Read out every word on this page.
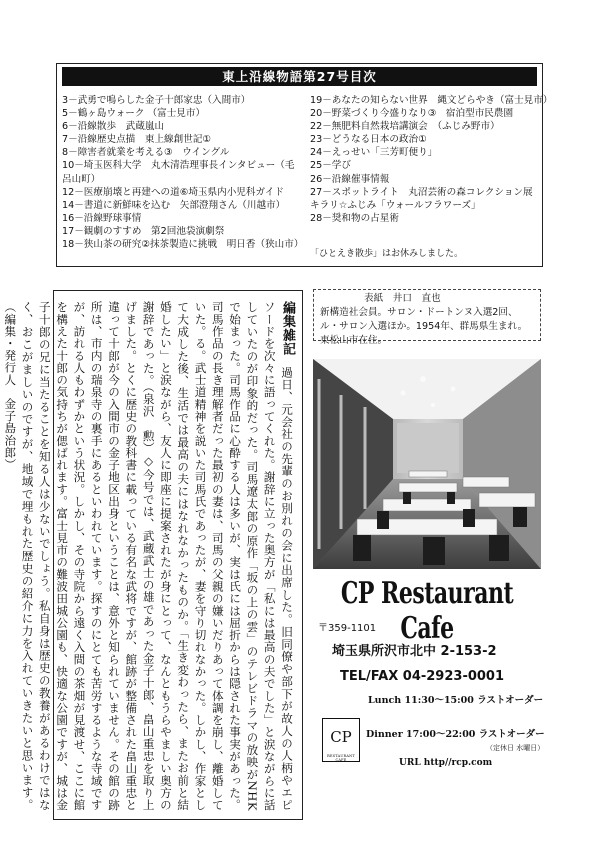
東上沿線物語第27号目次
3－武勇で鳴らした金子十郎家忠（入間市）
5－鶴ヶ島ウォーク （富士見市）
6－沿線散歩　武蔵嵐山
7－沿線歴史点描　東上線創世記①
8－障害者就業を考える③　ウイングル
10－埼玉医科大学　丸木清浩理事長インタビュー（毛呂山町）
12－医療崩壊と再建への道⑥埼玉県内小児科ガイド
14－書道に新鮮味を込む　矢部澄翔さん（川越市）
16－沿線野球事情
17－観劇のすすめ　第2回池袋演劇祭
18－狭山茶の研究②抹茶製造に挑戦　明日香（狭山市）
19－あなたの知らない世界　縄文どらやき（富士見市）
20－野菜づくり今盛りなり③　宿泊型市民農園
22－無肥料自然栽培講演会　（ふじみ野市）
23－どうなる日本の政治①
24－えっせい「三芳町便り」
25－学び
26－沿線催事情報
27－スポットライト　丸沼芸術の森コレクション展　キラリ☆ふじみ「ウォールフラワーズ」
28－奨和物の占星術
「ひとえき散歩」はお休みしました。
編集雑記過日、元会社の先輩のお別れの会に出席した。旧同僚や部下が故人の人柄やエピソードを次々に語ってくれた。謝辞に立った奥方が「私には最高の夫でした」と涙ながらに話していたのが印象的だった。司馬遼太郎の原作「坂の上の雲」のテレビドラマの放映がNHKで始まった。司馬作品に心酔する人は多いが、実は氏には屈折からは隠された事実があった。司馬作品の長き理解者だった最初の妻は、司馬の父親の嫌いだりあって体調を崩し、離婚していた。る。武士道精神を説いた司馬氏であったが、妻を守り切れなかった。しかし、作家として大成した後、生活では最高の夫にはなれなかったものか。「生き変わったら、またお前と結婚したい」と涙ながら、友人に即座に提案されたが身にとって、なんともうらやましい奥方の謝辞であった。（泉沢　勲）◇今号では、武蔵武士の雄であった金子十郎、畠山重忠を取り上げました。とくに歴史の教科書に載っている有名な武将ですが、館跡が整備された畠山重忠と違って十郎が今の入間市の金子地区出身ということは、意外と知られていません。その館の跡所は、市内の瑞泉寺の裏手にあるといわれています。探すのにとても苦労するような寺域ですが、訪れる人もわずかという状況。しかし、その寺院から遠く入間の茶畑が見渡せ、ここに館を構えた十郎の気持ちが偲ばれます。富士見市の難波田城公園も、快適な公園ですが、城は金子十郎の兄に当たることを知る人は少ないでしょう。私自身は歴史の教養があるわけではなく、おこがましいのですが、地域で埋もれた歴史の紹介に力を入れていきたいと思います。（編集・発行人　金子島治郎）
表紙　井口　直也
新構造社会員。サロン・ドートンヌ入選2回、ル・サロン入選ほか。1954年、群馬県生まれ。東松山市在住。
CP Restaurant Cafe
〒359-1101
埼玉県所沢市北中 2-153-2
TEL/FAX 04-2923-0001
Lunch 11:30～15:00 ラストオーダー
Dinner 17:00～22:00 ラストオーダー
（定休日 水曜日）
URL http//rcp.com
CP
RESTAURANT CAFE
